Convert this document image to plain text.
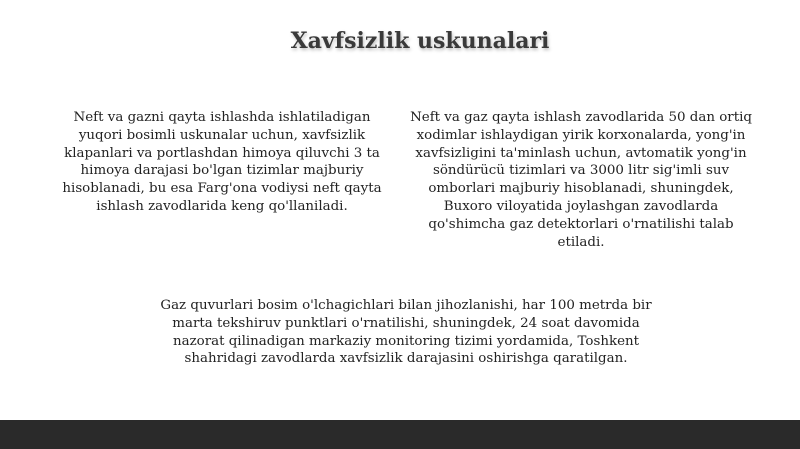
Xavfsizlik uskunalari

Neft va gazni qayta ishlashda ishlatiladigan yuqori bosimli uskunalar uchun, xavfsizlik klapanlari va portlashdan himoya qiluvchi 3 ta himoya darajasi bo'lgan tizimlar majburiy hisoblanadi, bu esa Farg'ona vodiysi neft qayta ishlash zavodlarida keng qo'llaniladi.

Neft va gaz qayta ishlash zavodlarida 50 dan ortiq xodimlar ishlaydigan yirik korxonalarda, yong'in xavfsizligini ta'minlash uchun, avtomatik yong'in söndürücü tizimlari va 3000 litr sig'imli suv omborlari majburiy hisoblanadi, shuningdek, Buxoro viloyatida joylashgan zavodlarda qo'shimcha gaz detektorlari o'rnatilishi talab etiladi.

Gaz quvurlari bosim o'lchagichlari bilan jihozlanishi, har 100 metrda bir marta tekshiruv punktlari o'rnatilishi, shuningdek, 24 soat davomida nazorat qilinadigan markaziy monitoring tizimi yordamida, Toshkent shahridagi zavodlarda xavfsizlik darajasini oshirishga qaratilgan.
